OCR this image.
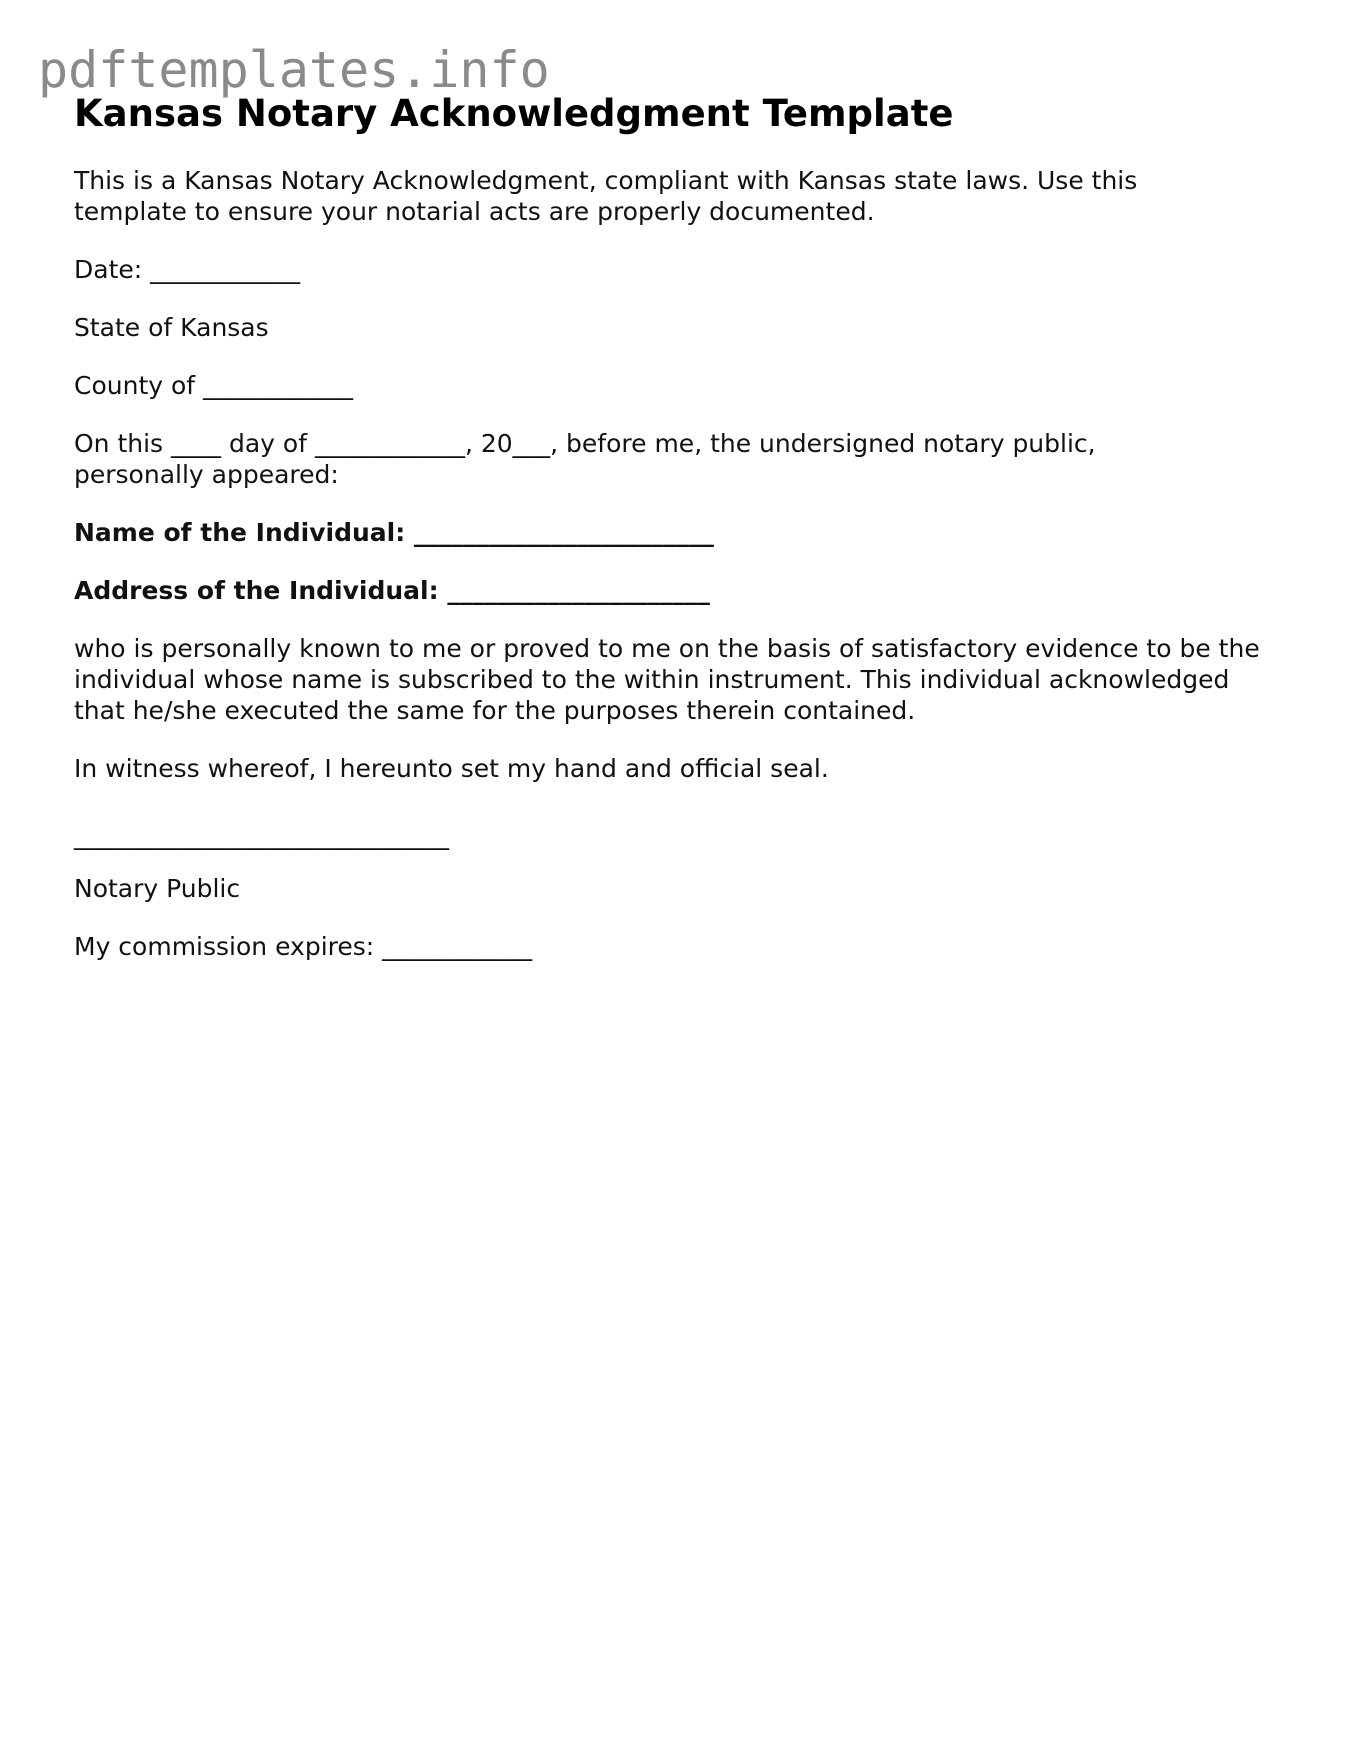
pdftemplates.info
Kansas Notary Acknowledgment Template

This is a Kansas Notary Acknowledgment, compliant with Kansas state laws. Use this template to ensure your notarial acts are properly documented.

Date: ____________

State of Kansas

County of ____________

On this ____ day of ____________, 20___, before me, the undersigned notary public, personally appeared:

Name of the Individual: ________________________

Address of the Individual: _____________________

who is personally known to me or proved to me on the basis of satisfactory evidence to be the individual whose name is subscribed to the within instrument. This individual acknowledged that he/she executed the same for the purposes therein contained.

In witness whereof, I hereunto set my hand and official seal.

______________________________

Notary Public

My commission expires: ____________
